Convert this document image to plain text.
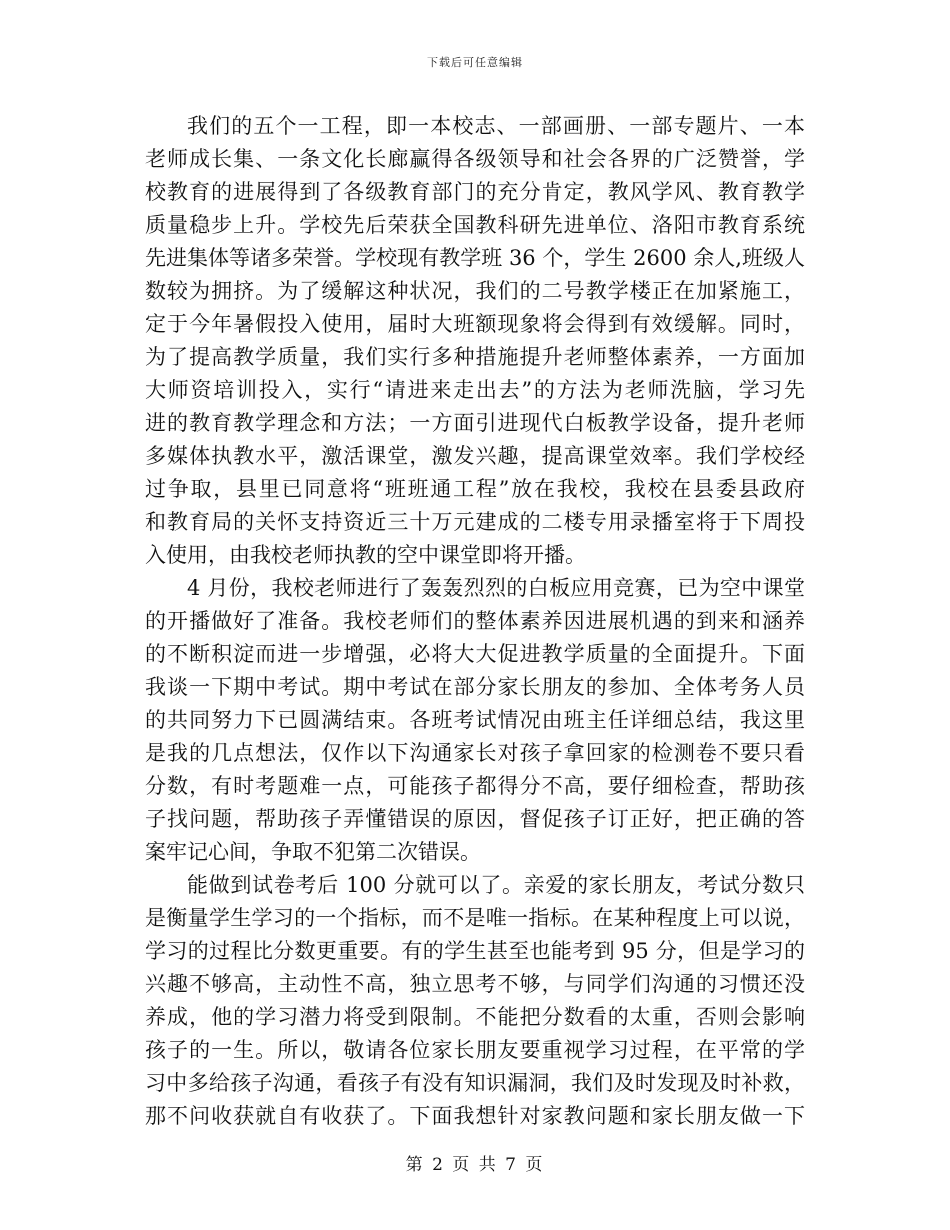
下载后可任意编辑
我们的五个一工程，即一本校志、一部画册、一部专题片、一本
老师成长集、一条文化长廊赢得各级领导和社会各界的广泛赞誉，学
校教育的进展得到了各级教育部门的充分肯定，教风学风、教育教学
质量稳步上升。学校先后荣获全国教科研先进单位、洛阳市教育系统
先进集体等诸多荣誉。学校现有教学班 36 个，学生 2600 余人,班级人
数较为拥挤。为了缓解这种状况，我们的二号教学楼正在加紧施工，
定于今年暑假投入使用，届时大班额现象将会得到有效缓解。同时，
为了提高教学质量，我们实行多种措施提升老师整体素养，一方面加
大师资培训投入，实行“请进来走出去”的方法为老师洗脑，学习先
进的教育教学理念和方法；一方面引进现代白板教学设备，提升老师
多媒体执教水平，激活课堂，激发兴趣，提高课堂效率。我们学校经
过争取，县里已同意将“班班通工程”放在我校，我校在县委县政府
和教育局的关怀支持资近三十万元建成的二楼专用录播室将于下周投
入使用，由我校老师执教的空中课堂即将开播。
4 月份，我校老师进行了轰轰烈烈的白板应用竞赛，已为空中课堂
的开播做好了准备。我校老师们的整体素养因进展机遇的到来和涵养
的不断积淀而进一步增强，必将大大促进教学质量的全面提升。下面
我谈一下期中考试。期中考试在部分家长朋友的参加、全体考务人员
的共同努力下已圆满结束。各班考试情况由班主任详细总结，我这里
是我的几点想法，仅作以下沟通家长对孩子拿回家的检测卷不要只看
分数，有时考题难一点，可能孩子都得分不高，要仔细检查，帮助孩
子找问题，帮助孩子弄懂错误的原因，督促孩子订正好，把正确的答
案牢记心间，争取不犯第二次错误。
能做到试卷考后 100 分就可以了。亲爱的家长朋友，考试分数只
是衡量学生学习的一个指标，而不是唯一指标。在某种程度上可以说，
学习的过程比分数更重要。有的学生甚至也能考到 95 分，但是学习的
兴趣不够高，主动性不高，独立思考不够，与同学们沟通的习惯还没
养成，他的学习潜力将受到限制。不能把分数看的太重，否则会影响
孩子的一生。所以，敬请各位家长朋友要重视学习过程，在平常的学
习中多给孩子沟通，看孩子有没有知识漏洞，我们及时发现及时补救，
那不问收获就自有收获了。下面我想针对家教问题和家长朋友做一下
第 2 页 共 7 页
